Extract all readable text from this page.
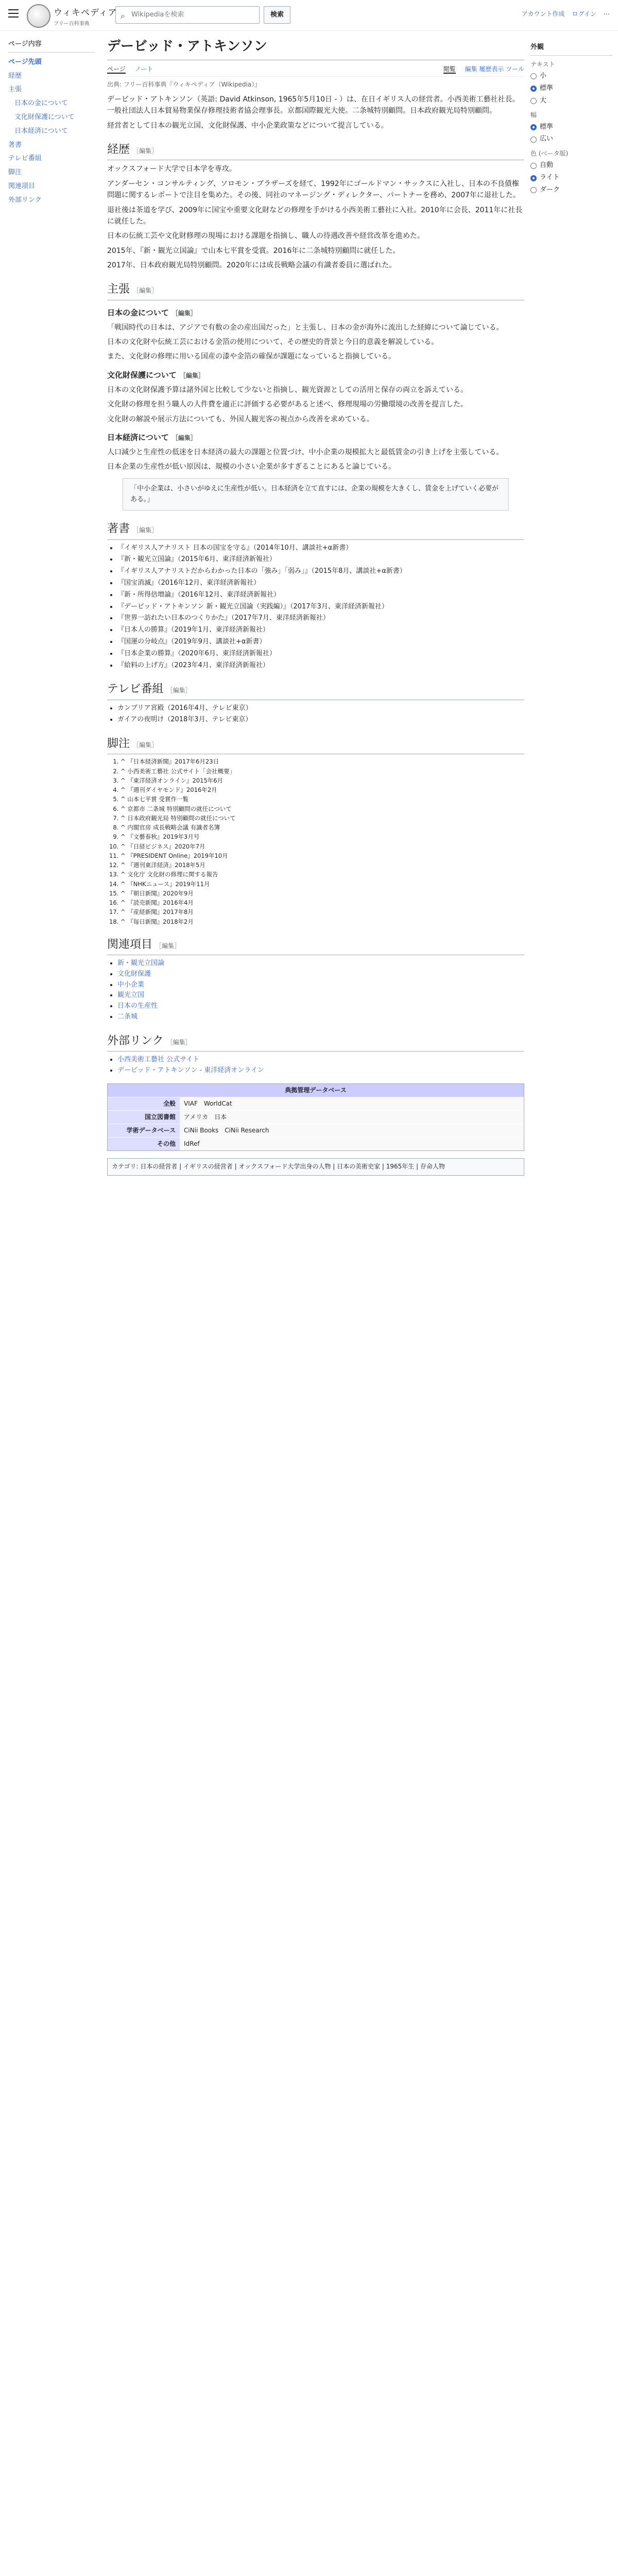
ウィキペディア
フリー百科事典
⌕ Wikipediaを検索	検索	アカウント作成 ログイン ⋯
ページ内容
ページ先頭
経歴
主張
日本の金について
文化財保護について
日本経済について
著書
テレビ番組
脚注
関連項目
外部リンク
デービッド・アトキンソン
ページ ノート	閲覧 編集 履歴表示 ツール
出典: フリー百科事典『ウィキペディア（Wikipedia）』

デービッド・アトキンソン（英語: David Atkinson, 1965年5月10日 - ）は、在日イギリス人の経営者。小西美術工藝社社長。一般社団法人日本貿易物業保存修理技術者協会理事長。京都国際観光大使。二条城特別顧問。日本政府観光局特別顧問。

経営者として日本の観光立国、文化財保護、中小企業政策などについて提言している。

経歴 ［編集］

オックスフォード大学で日本学を専攻。

アンダーセン・コンサルティング、ソロモン・ブラザーズを経て、1992年にゴールドマン・サックスに入社し、日本の不良債権問題に関するレポートで注目を集めた。その後、同社のマネージング・ディレクター、パートナーを務め、2007年に退社した。

退社後は茶道を学び、2009年に国宝や重要文化財などの修理を手がける小西美術工藝社に入社。2010年に会長、2011年に社長に就任した。

日本の伝統工芸や文化財修理の現場における課題を指摘し、職人の待遇改善や経営改革を進めた。

2015年、『新・観光立国論』で山本七平賞を受賞。2016年に二条城特別顧問に就任した。

2017年、日本政府観光局特別顧問。2020年には成長戦略会議の有識者委員に選ばれた。

主張 ［編集］
日本の金について ［編集］

「戦国時代の日本は、アジアで有数の金の産出国だった」と主張し、日本の金が海外に流出した経緯について論じている。

日本の文化財や伝統工芸における金箔の使用について、その歴史的背景と今日的意義を解説している。

また、文化財の修理に用いる国産の漆や金箔の確保が課題になっていると指摘している。

文化財保護について ［編集］

日本の文化財保護予算は諸外国と比較して少ないと指摘し、観光資源としての活用と保存の両立を訴えている。

文化財の修理を担う職人の人件費を適正に評価する必要があると述べ、修理現場の労働環境の改善を提言した。

文化財の解説や展示方法についても、外国人観光客の視点から改善を求めている。

日本経済について ［編集］

人口減少と生産性の低迷を日本経済の最大の課題と位置づけ、中小企業の規模拡大と最低賃金の引き上げを主張している。

日本企業の生産性が低い原因は、規模の小さい企業が多すぎることにあると論じている。

「中小企業は、小さいがゆえに生産性が低い。日本経済を立て直すには、企業の規模を大きくし、賃金を上げていく必要がある。」
著書 ［編集］
• 『イギリス人アナリスト 日本の国宝を守る』（2014年10月、講談社+α新書）
• 『新・観光立国論』（2015年6月、東洋経済新報社）
• 『イギリス人アナリストだからわかった日本の「強み」「弱み」』（2015年8月、講談社+α新書）
• 『国宝消滅』（2016年12月、東洋経済新報社）
• 『新・所得倍増論』（2016年12月、東洋経済新報社）
• 『デービッド・アトキンソン 新・観光立国論（実践編）』（2017年3月、東洋経済新報社）
• 『世界一訪れたい日本のつくりかた』（2017年7月、東洋経済新報社）
• 『日本人の勝算』（2019年1月、東洋経済新報社）
• 『国運の分岐点』（2019年9月、講談社+α新書）
• 『日本企業の勝算』（2020年6月、東洋経済新報社）
• 『給料の上げ方』（2023年4月、東洋経済新報社）
テレビ番組 ［編集］
• カンブリア宮殿（2016年4月、テレビ東京）
• ガイアの夜明け（2018年3月、テレビ東京）
脚注 ［編集］
1. ^ 『日本経済新聞』2017年6月23日
2. ^ 小西美術工藝社 公式サイト「会社概要」
3. ^ 『東洋経済オンライン』2015年6月
4. ^ 『週刊ダイヤモンド』2016年2月
5. ^ 山本七平賞 受賞作一覧
6. ^ 京都市 二条城 特別顧問の就任について
7. ^ 日本政府観光局 特別顧問の就任について
8. ^ 内閣官房 成長戦略会議 有識者名簿
9. ^ 『文藝春秋』2019年3月号
10. ^ 『日経ビジネス』2020年7月
11. ^ 『PRESIDENT Online』2019年10月
12. ^ 『週刊東洋経済』2018年5月
13. ^ 文化庁 文化財の修理に関する報告
14. ^ 『NHKニュース』2019年11月
15. ^ 『朝日新聞』2020年9月
16. ^ 『読売新聞』2016年4月
17. ^ 『産経新聞』2017年8月
18. ^ 『毎日新聞』2018年2月
関連項目 ［編集］
• 新・観光立国論
• 文化財保護
• 中小企業
• 観光立国
• 日本の生産性
• 二条城
外部リンク ［編集］
• 小西美術工藝社 公式サイト
• デービッド・アトキンソン - 東洋経済オンライン
典拠管理データベース
全般	VIAF　WorldCat
国立図書館	アメリカ　日本
学術データベース	CiNii Books　CiNii Research
その他	IdRef
カテゴリ: 日本の経営者 | イギリスの経営者 | オックスフォード大学出身の人物 | 日本の美術史家 | 1965年生 | 存命人物
外観
テキスト
小
標準
大
幅
標準
広い
色 (ベータ版)
自動
ライト
ダーク
